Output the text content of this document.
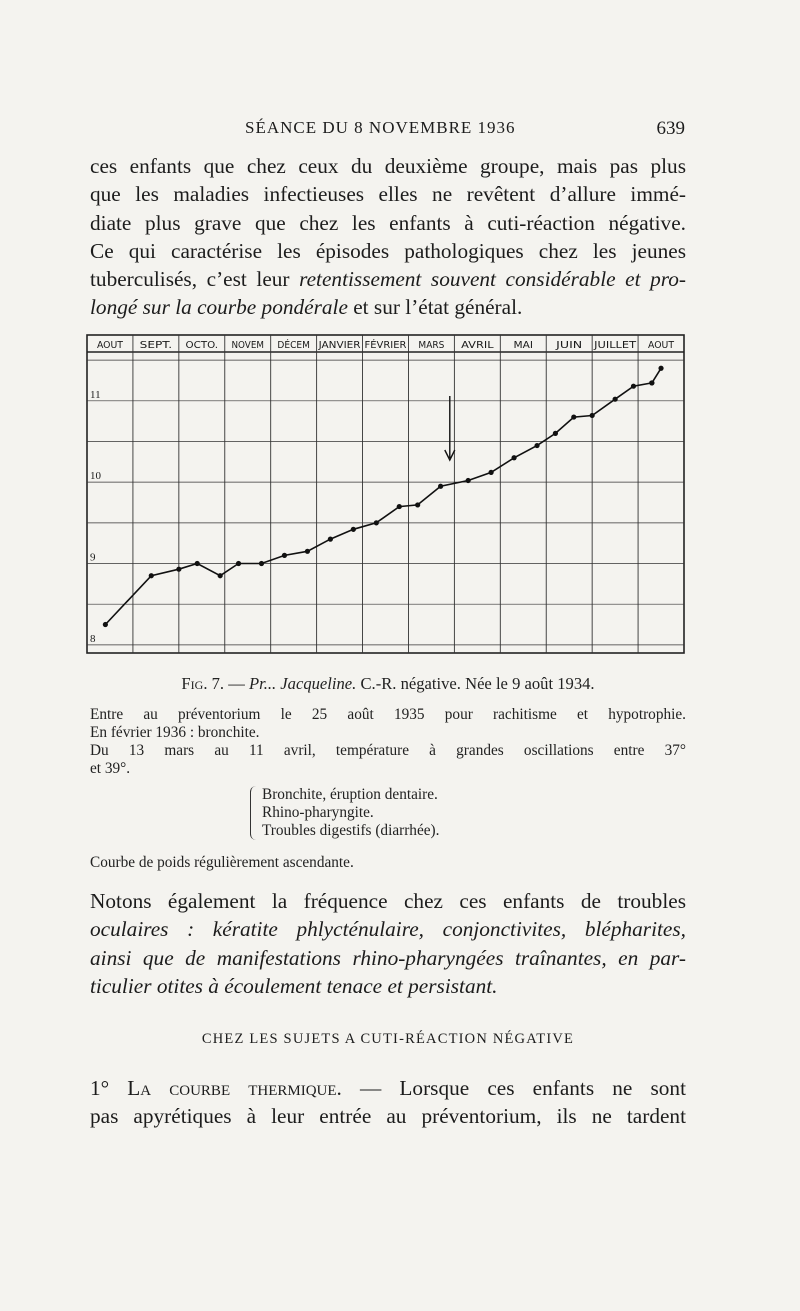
SÉANCE DU 8 NOVEMBRE 1936	639
ces enfants que chez ceux du deuxième groupe, mais pas plus
que les maladies infectieuses elles ne revêtent d’allure immé-
diate plus grave que chez les enfants à cuti-réaction négative.
Ce qui caractérise les épisodes pathologiques chez les jeunes
tuberculisés, c’est leur retentissement souvent considérable et pro-
longé sur la courbe pondérale et sur l’état général.
AOUT SEPT. OCTO. NOVEM DÉCEM JANVIER FÉVRIER MARS AVRIL MAI JUIN JUILLET AOUT
11
10
9
8

Fig. 7. — Pr... Jacqueline. C.-R. négative. Née le 9 août 1934.

Entre au préventorium le 25 août 1935 pour rachitisme et hypotrophie.
En février 1936 : bronchite.
Du 13 mars au 11 avril, température à grandes oscillations entre 37°
et 39°.
Bronchite, éruption dentaire.
Rhino-pharyngite.
Troubles digestifs (diarrhée).
Courbe de poids régulièrement ascendante.
Notons également la fréquence chez ces enfants de troubles
oculaires : kératite phlycténulaire, conjonctivites, blépharites,
ainsi que de manifestations rhino-pharyngées traînantes, en par-
ticulier otites à écoulement tenace et persistant.
CHEZ LES SUJETS A CUTI-RÉACTION NÉGATIVE
1° La courbe thermique. — Lorsque ces enfants ne sont
pas apyrétiques à leur entrée au préventorium, ils ne tardent
